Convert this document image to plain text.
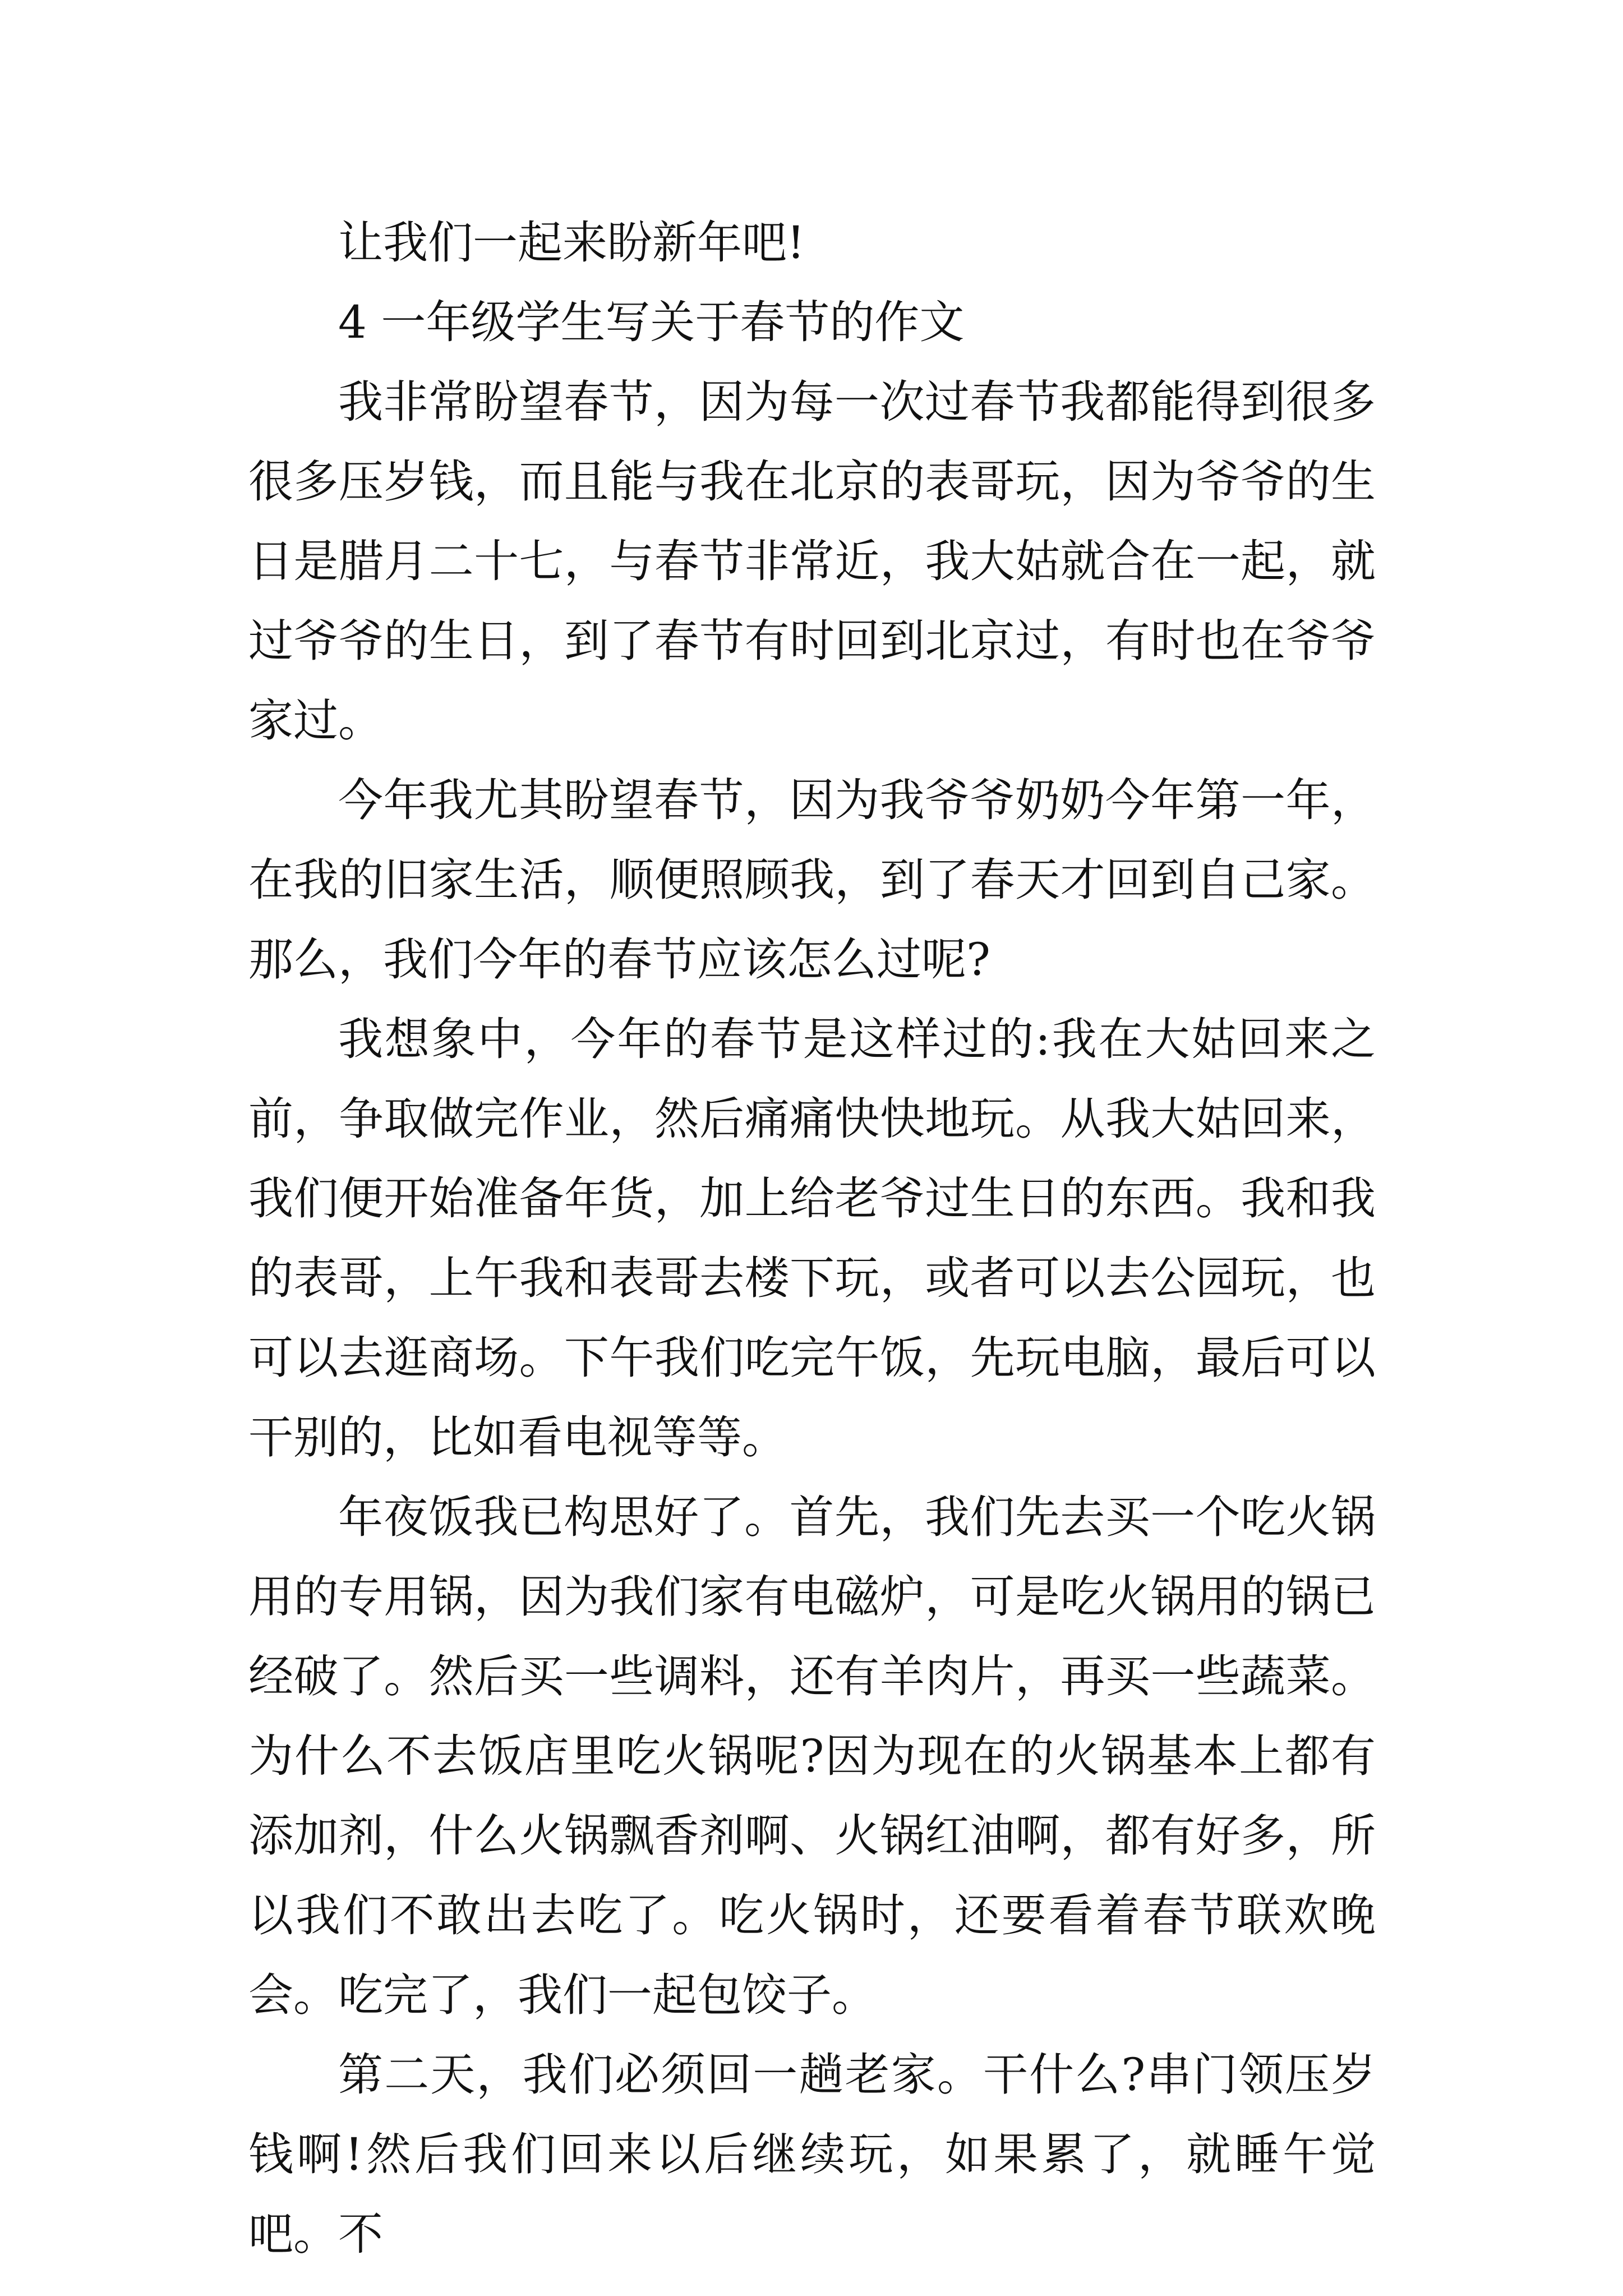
让我们一起来盼新年吧!

4 一年级学生写关于春节的作文

我非常盼望春节，因为每一次过春节我都能得到很多很多压岁钱，而且能与我在北京的表哥玩，因为爷爷的生日是腊月二十七，与春节非常近，我大姑就合在一起，就过爷爷的生日，到了春节有时回到北京过，有时也在爷爷家过。

今年我尤其盼望春节，因为我爷爷奶奶今年第一年，在我的旧家生活，顺便照顾我，到了春天才回到自己家。那么，我们今年的春节应该怎么过呢?

我想象中，今年的春节是这样过的:我在大姑回来之前，争取做完作业，然后痛痛快快地玩。从我大姑回来，我们便开始准备年货，加上给老爷过生日的东西。我和我的表哥，上午我和表哥去楼下玩，或者可以去公园玩，也可以去逛商场。下午我们吃完午饭，先玩电脑，最后可以干别的，比如看电视等等。

年夜饭我已构思好了。首先，我们先去买一个吃火锅用的专用锅，因为我们家有电磁炉，可是吃火锅用的锅已经破了。然后买一些调料，还有羊肉片，再买一些蔬菜。为什么不去饭店里吃火锅呢?因为现在的火锅基本上都有添加剂，什么火锅飘香剂啊、火锅红油啊，都有好多，所以我们不敢出去吃了。吃火锅时，还要看着春节联欢晚会。吃完了，我们一起包饺子。

第二天，我们必须回一趟老家。干什么?串门领压岁钱啊!然后我们回来以后继续玩，如果累了，就睡午觉吧。不
